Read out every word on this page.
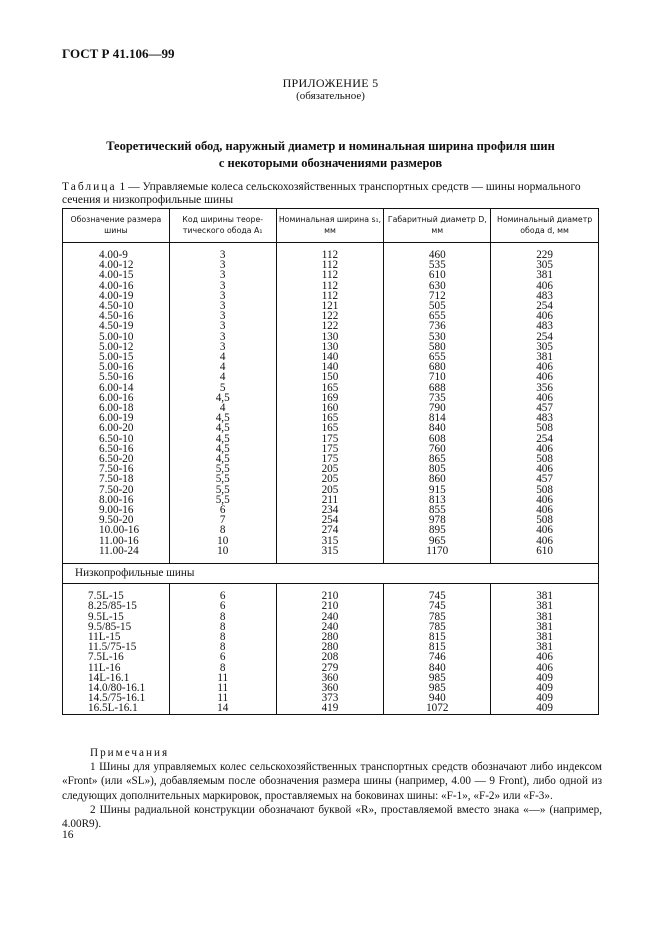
ГОСТ Р 41.106—99
ПРИЛОЖЕНИЕ 5
(обязательное)
Теоретический обод, наружный диаметр и номинальная ширина профиля шин
с некоторыми обозначениями размеров
Таблица 1 — Управляемые колеса сельскохозяйственных транспортных средств — шины нормального сечения и низкопрофильные шины
Обозначение размера шины	Код ширины теоре-тического обода A₁	Номинальная ширина s₁, мм	Габаритный диаметр D, мм	Номинальный диаметр обода d, мм

4.00-9	3	112	460	229
4.00-12	3	112	535	305
4.00-15	3	112	610	381
4.00-16	3	112	630	406
4.00-19	3	112	712	483
4.50-10	3	121	505	254
4.50-16	3	122	655	406
4.50-19	3	122	736	483
5.00-10	3	130	530	254
5.00-12	3	130	580	305
5.00-15	4	140	655	381
5.00-16	4	140	680	406
5.50-16	4	150	710	406
6.00-14	5	165	688	356
6.00-16	4,5	169	735	406
6.00-18	4	160	790	457
6.00-19	4,5	165	814	483
6.00-20	4,5	165	840	508
6.50-10	4,5	175	608	254
6.50-16	4,5	175	760	406
6.50-20	4,5	175	865	508
7.50-16	5,5	205	805	406
7.50-18	5,5	205	860	457
7.50-20	5,5	205	915	508
8.00-16	5,5	211	813	406
9.00-16	6	234	855	406
9.50-20	7	254	978	508
10.00-16	8	274	895	406
11.00-16	10	315	965	406
11.00-24	10	315	1170	610

Низкопрофильные шины				

7.5L-15	6	210	745	381
8.25/85-15	6	210	745	381
9.5L-15	8	240	785	381
9.5/85-15	8	240	785	381
11L-15	8	280	815	381
11.5/75-15	8	280	815	381
7.5L-16	6	208	746	406
11L-16	8	279	840	406
14L-16.1	11	360	985	409
14.0/80-16.1	11	360	985	409
14.5/75-16.1	11	373	940	409
16.5L-16.1	14	419	1072	409
Примечания

1 Шины для управляемых колес сельскохозяйственных транспортных средств обозначают либо индексом «Front» (или «SL»), добавляемым после обозначения размера шины (например, 4.00 — 9 Front), либо одной из следующих дополнительных маркировок, проставляемых на боковинах шины: «F-1», «F-2» или «F-3».

2 Шины радиальной конструкции обозначают буквой «R», проставляемой вместо знака «—» (например, 4.00R9).

16
